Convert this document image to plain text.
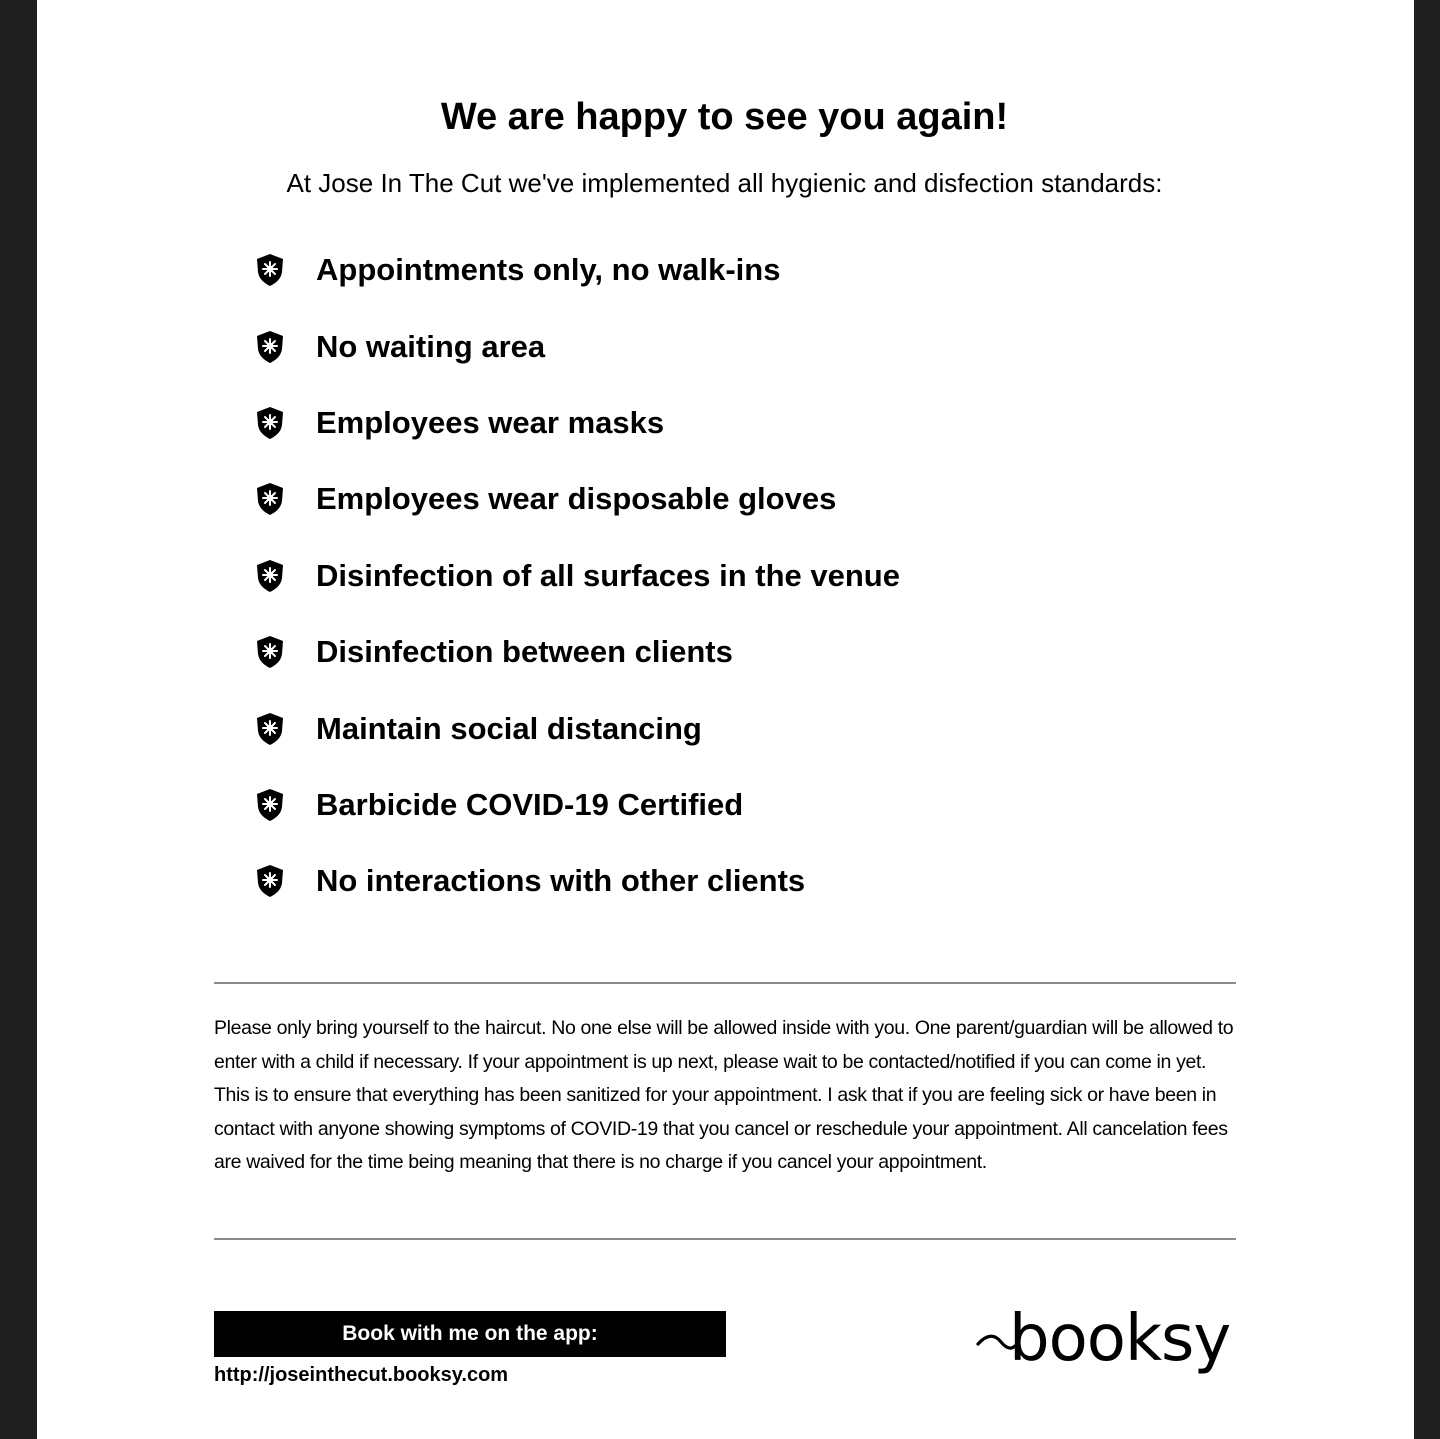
We are happy to see you again!
At Jose In The Cut we've implemented all hygienic and disfection standards:
Appointments only, no walk-ins
No waiting area
Employees wear masks
Employees wear disposable gloves
Disinfection of all surfaces in the venue
Disinfection between clients
Maintain social distancing
Barbicide COVID-19 Certified
No interactions with other clients

Please only bring yourself to the haircut. No one else will be allowed inside with you. One parent/guardian will be allowed to enter with a child if necessary. If your appointment is up next, please wait to be contacted/notified if you can come in yet. This is to ensure that everything has been sanitized for your appointment. I ask that if you are feeling sick or have been in contact with anyone showing symptoms of COVID-19 that you cancel or reschedule your appointment. All cancelation fees are waived for the time being meaning that there is no charge if you cancel your appointment.

Book with me on the app:
http://joseinthecut.booksy.com	booksy
